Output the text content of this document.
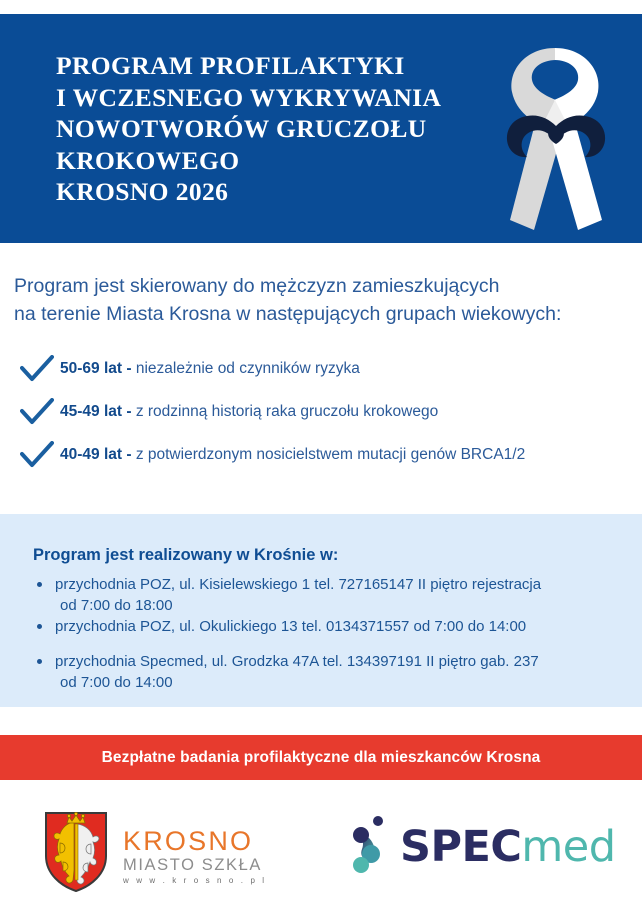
PROGRAM PROFILAKTYKI
I WCZESNEGO WYKRYWANIA
NOWOTWORÓW GRUCZOŁU
KROKOWEGO
KROSNO 2026
Program jest skierowany do mężczyzn zamieszkujących
na terenie Miasta Krosna w następujących grupach wiekowych:
50-69 lat - niezależnie od czynników ryzyka
45-49 lat - z rodzinną historią raka gruczołu krokowego
40-49 lat - z potwierdzonym nosicielstwem mutacji genów BRCA1/2
Program jest realizowany w Krośnie w:
przychodnia POZ, ul. Kisielewskiego 1 tel. 727165147 II piętro rejestracja
od 7:00 do 18:00
przychodnia POZ, ul. Okulickiego 13 tel. 0134371557 od 7:00 do 14:00
przychodnia Specmed, ul. Grodzka 47A tel. 134397191 II piętro gab. 237
od 7:00 do 14:00
Bezpłatne badania profilaktyczne dla mieszkanców Krosna
KROSNO
MIASTO SZKŁA
w w w . k r o s n o . p l
SPECmed
